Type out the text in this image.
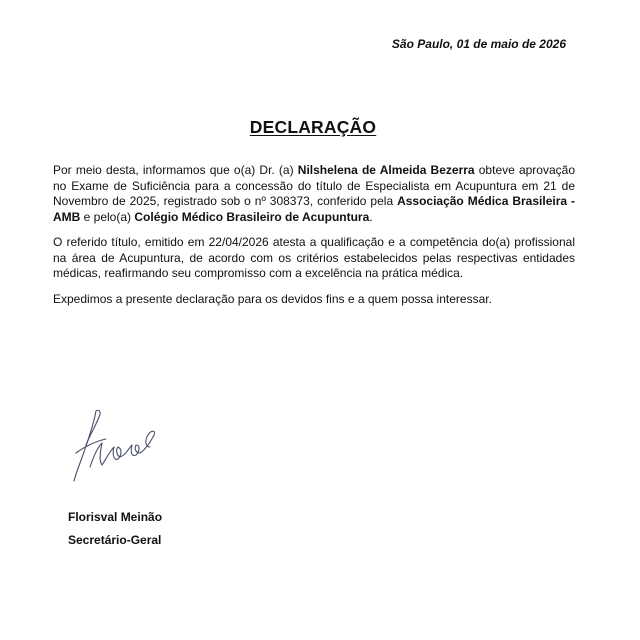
São Paulo, 01 de maio de 2026
DECLARAÇÃO

Por meio desta, informamos que o(a) Dr. (a) Nilshelena de Almeida Bezerra obteve aprovação no Exame de Suficiência para a concessão do título de Especialista em Acupuntura em 21 de Novembro de 2025, registrado sob o nº 308373, conferido pela Associação Médica Brasileira - AMB e pelo(a) Colégio Médico Brasileiro de Acupuntura.

O referido título, emitido em 22/04/2026 atesta a qualificação e a competência do(a) profissional na área de Acupuntura, de acordo com os critérios estabelecidos pelas respectivas entidades médicas, reafirmando seu compromisso com a excelência na prática médica.

Expedimos a presente declaração para os devidos fins e a quem possa interessar.

Florisval Meinão
Secretário-Geral
